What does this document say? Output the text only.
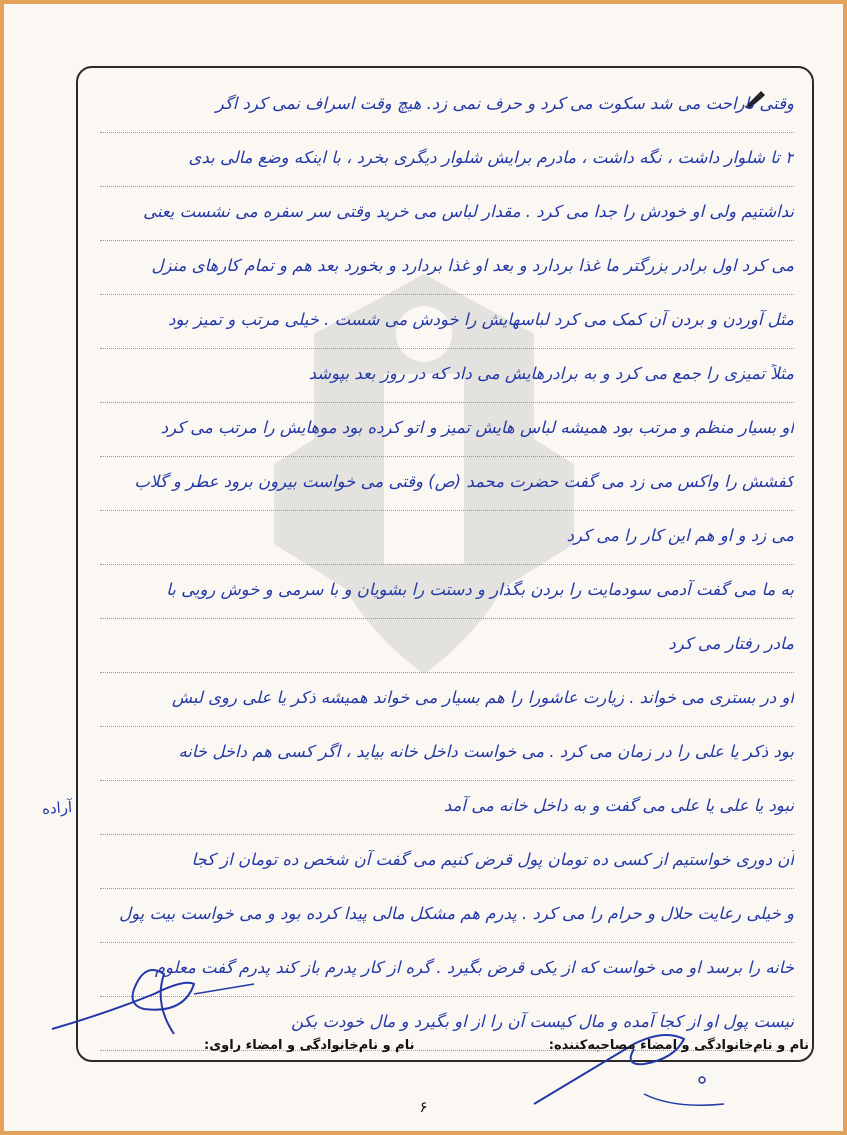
وقتی ناراحت می شد سکوت می کرد و حرف نمی زد. هیچ وقت اسراف نمی کرد اگر
۲ تا شلوار داشت ، نگه داشت ، مادرم برایش شلوار دیگری بخرد ، با اینکه وضع مالی بدی
نداشتیم ولی او خودش را جدا می کرد . مقدار لباس می خرید وقتی سر سفره می نشست یعنی
می کرد اول برادر بزرگتر ما غذا بردارد و بعد او غذا بردارد و بخورد بعد هم و تمام کارهای منزل
مثل آوردن و بردن آن کمک می کرد لباسهایش را خودش می شست . خیلی مرتب و تمیز بود
مثلاً تمیزی را جمع می کرد و به برادرهایش می داد که در روز بعد بپوشد
او بسیار منظم و مرتب بود همیشه لباس هایش تمیز و اتو کرده بود موهایش را مرتب می کرد
کفشش را واکس می زد می گفت حضرت محمد (ص) وقتی می خواست بیرون برود عطر و گلاب
می زد و او هم این کار را می کرد
به ما می گفت آدمی سودمایت را بردن بگذار و دستت را بشویان و با سرمی و خوش رویی با
مادر رفتار می کرد
او در بستری می خواند . زیارت عاشورا را هم بسیار می خواند همیشه ذکر یا علی روی لبش
بود ذکر یا علی را در زمان می کرد . می خواست داخل خانه بیاید ، اگر کسی هم داخل خانه
نبود یا علی یا علی می گفت و به داخل خانه می آمد
آن دوری خواستیم از کسی ده تومان پول قرض کنیم می گفت آن شخص ده تومان از کجا
و خیلی رعایت حلال و حرام را می کرد . پدرم هم مشکل مالی پیدا کرده بود و می خواست بیت پول
خانه را برسد او می خواست که از یکی قرض بگیرد . گره از کار پدرم باز کند پدرم گفت معلوم
نیست پول او از کجا آمده و مال کیست آن را از او بگیرد و مال خودت بکن
آراده
نام و نام‌خانوادگی و امضاء مصاحبه‌کننده:
نام و نام‌خانوادگی و امضاء راوی:
۶
